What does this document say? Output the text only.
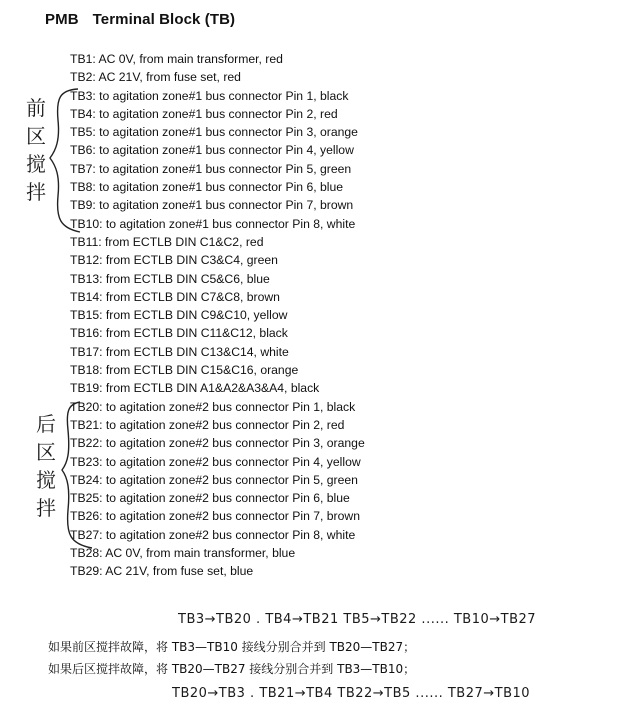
PMB Terminal Block (TB)
TB1: AC 0V, from main transformer, red
TB2: AC 21V, from fuse set, red
TB3: to agitation zone#1 bus connector Pin 1, black
TB4: to agitation zone#1 bus connector Pin 2, red
TB5: to agitation zone#1 bus connector Pin 3, orange
TB6: to agitation zone#1 bus connector Pin 4, yellow
TB7: to agitation zone#1 bus connector Pin 5, green
TB8: to agitation zone#1 bus connector Pin 6, blue
TB9: to agitation zone#1 bus connector Pin 7, brown
TB10: to agitation zone#1 bus connector Pin 8, white
TB11: from ECTLB DIN C1&C2, red
TB12: from ECTLB DIN C3&C4, green
TB13: from ECTLB DIN C5&C6, blue
TB14: from ECTLB DIN C7&C8, brown
TB15: from ECTLB DIN C9&C10, yellow
TB16: from ECTLB DIN C11&C12, black
TB17: from ECTLB DIN C13&C14, white
TB18: from ECTLB DIN C15&C16, orange
TB19: from ECTLB DIN A1&A2&A3&A4, black
TB20: to agitation zone#2 bus connector Pin 1, black
TB21: to agitation zone#2 bus connector Pin 2, red
TB22: to agitation zone#2 bus connector Pin 3, orange
TB23: to agitation zone#2 bus connector Pin 4, yellow
TB24: to agitation zone#2 bus connector Pin 5, green
TB25: to agitation zone#2 bus connector Pin 6, blue
TB26: to agitation zone#2 bus connector Pin 7, brown
TB27: to agitation zone#2 bus connector Pin 8, white
TB28: AC 0V, from main transformer, blue
TB29: AC 21V, from fuse set, blue
前
区
搅
拌
后
区
搅
拌
TB3→TB20 . TB4→TB21 TB5→TB22 ...... TB10→TB27
如果前区搅拌故障，将 TB3—TB10 接线分别合并到 TB20—TB27；
如果后区搅拌故障，将 TB20—TB27 接线分别合并到 TB3—TB10；
TB20→TB3 . TB21→TB4 TB22→TB5 ...... TB27→TB10
